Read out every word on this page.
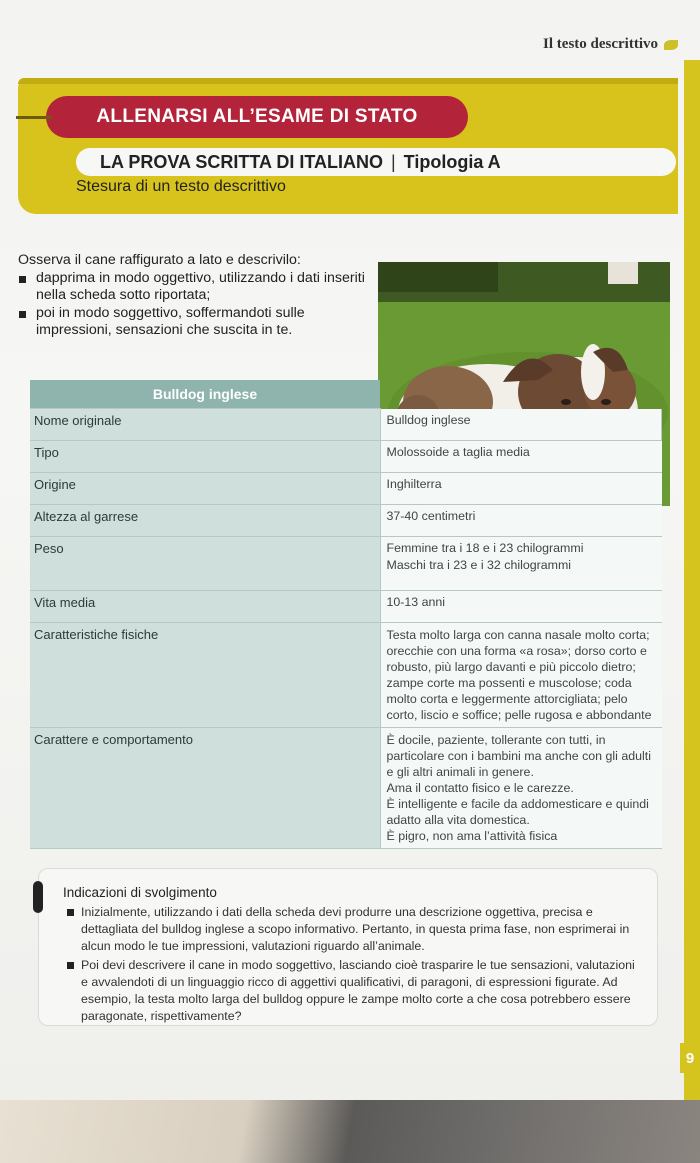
Il testo descrittivo
ALLENARSI ALL’ESAME DI STATO
LA PROVA SCRITTA DI ITALIANO | Tipologia A
Stesura di un testo descrittivo

Osserva il cane raffigurato a lato e descrivilo:

dapprima in modo oggettivo, utilizzando i dati inseriti nella scheda sotto riportata;
poi in modo soggettivo, soffermandoti sulle impressioni, sensazioni che suscita in te.
Bulldog inglese	
Nome originale	Bulldog inglese
Tipo	Molossoide a taglia media
Origine	Inghilterra
Altezza al garrese	37-40 centimetri
Peso	Femmine tra i 18 e i 23 chilogrammi
Maschi tra i 23 e i 32 chilogrammi

Vita media	10-13 anni
Caratteristiche fisiche	Testa molto larga con canna nasale molto corta; orecchie con una forma «a rosa»; dorso corto e robusto, più largo davanti e più piccolo dietro; zampe corte ma possenti e muscolose; coda molto corta e leggermente attorcigliata; pelo corto, liscio e soffice; pelle rugosa e abbondante
Carattere e comportamento	È docile, paziente, tollerante con tutti, in particolare con i bambini ma anche con gli adulti e gli altri animali in genere.
Ama il contatto fisico e le carezze.
È intelligente e facile da addomesticare e quindi adatto alla vita domestica.
È pigro, non ama l’attività fisica
Indicazioni di svolgimento
Inizialmente, utilizzando i dati della scheda devi produrre una descrizione oggettiva, precisa e dettagliata del bulldog inglese a scopo informativo. Pertanto, in questa prima fase, non esprimerai in alcun modo le tue impressioni, valutazioni riguardo all’animale.
Poi devi descrivere il cane in modo soggettivo, lasciando cioè trasparire le tue sensazioni, valutazioni e avvalendoti di un linguaggio ricco di aggettivi qualificativi, di paragoni, di espressioni figurate. Ad esempio, la testa molto larga del bulldog oppure le zampe molto corte a che cosa potrebbero essere paragonate, rispettivamente?
9
